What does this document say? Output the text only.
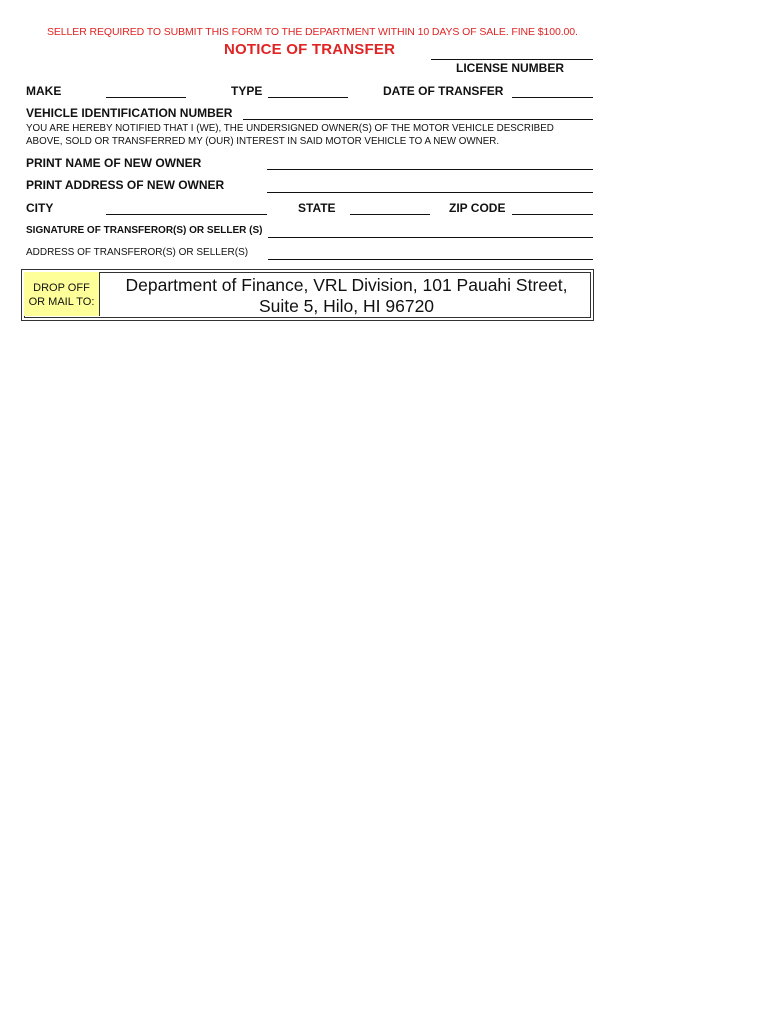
SELLER REQUIRED TO SUBMIT THIS FORM TO THE DEPARTMENT WITHIN 10 DAYS OF SALE. FINE $100.00.
NOTICE OF TRANSFER
LICENSE NUMBER
MAKE	TYPE	DATE OF TRANSFER
VEHICLE IDENTIFICATION NUMBER
YOU ARE HEREBY NOTIFIED THAT I (WE), THE UNDERSIGNED OWNER(S) OF THE MOTOR VEHICLE DESCRIBED
ABOVE, SOLD OR TRANSFERRED MY (OUR) INTEREST IN SAID MOTOR VEHICLE TO A NEW OWNER.
PRINT NAME OF NEW OWNER
PRINT ADDRESS OF NEW OWNER
CITY	STATE	ZIP CODE
SIGNATURE OF TRANSFEROR(S) OR SELLER (S)
ADDRESS OF TRANSFEROR(S) OR SELLER(S)
DROP OFF
OR MAIL TO:
Department of Finance, VRL Division, 101 Pauahi Street,
Suite 5, Hilo, HI 96720
